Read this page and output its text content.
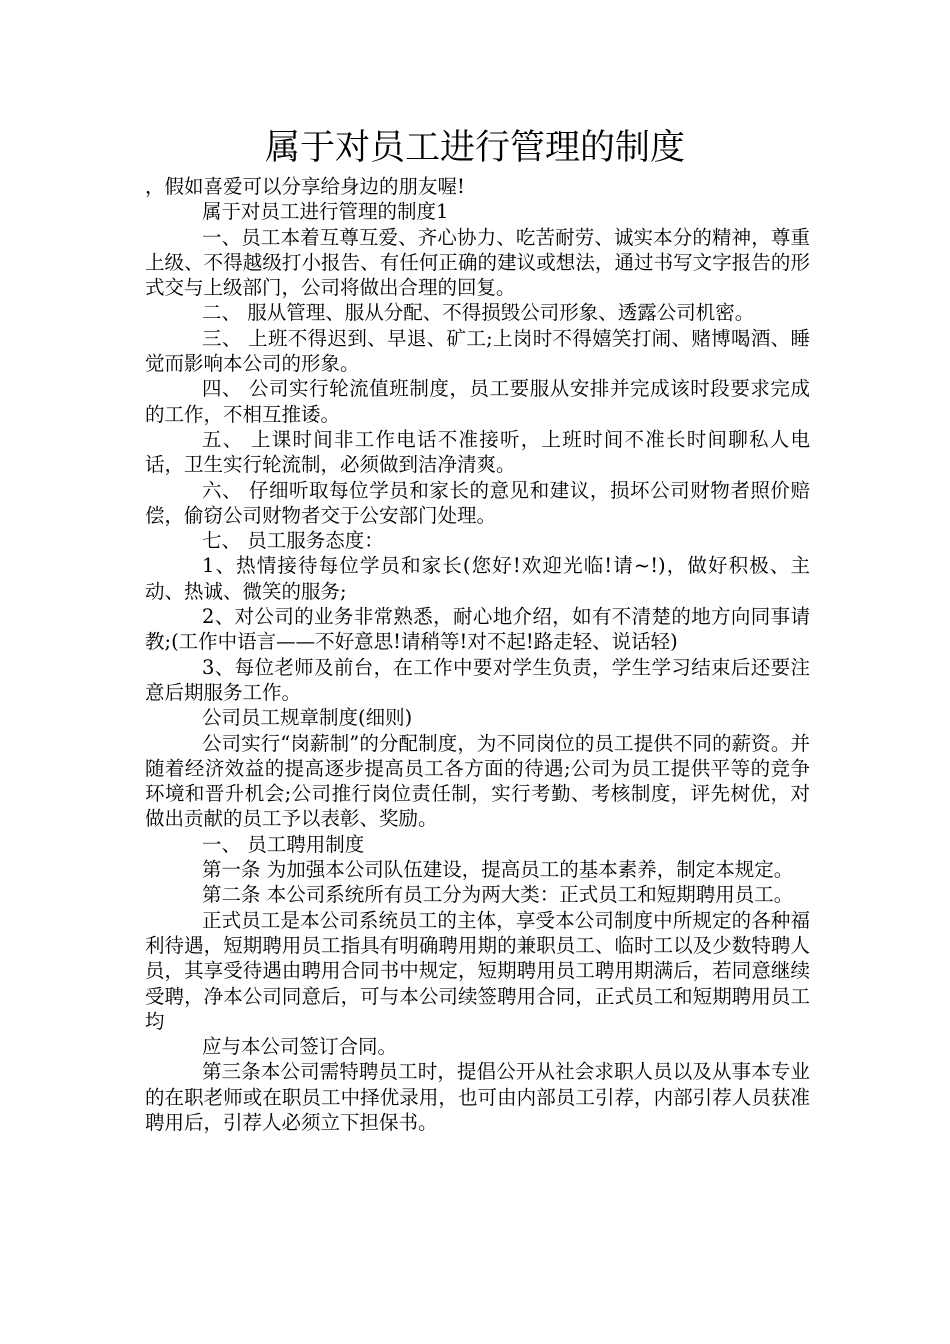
属于对员工进行管理的制度

，假如喜爱可以分享给身边的朋友喔!

属于对员工进行管理的制度1

一、员工本着互尊互爱、齐心协力、吃苦耐劳、诚实本分的精神，尊重上级、不得越级打小报告、有任何正确的建议或想法，通过书写文字报告的形式交与上级部门，公司将做出合理的回复。

二、 服从管理、服从分配、不得损毁公司形象、透露公司机密。

三、 上班不得迟到、早退、矿工;上岗时不得嬉笑打闹、赌博喝酒、睡觉而影响本公司的形象。

四、 公司实行轮流值班制度，员工要服从安排并完成该时段要求完成的工作，不相互推诿。

五、 上课时间非工作电话不准接听，上班时间不准长时间聊私人电话，卫生实行轮流制，必须做到洁净清爽。

六、 仔细听取每位学员和家长的意见和建议，损坏公司财物者照价赔偿，偷窃公司财物者交于公安部门处理。

七、 员工服务态度：

1、热情接待每位学员和家长(您好!欢迎光临!请~!)，做好积极、主动、热诚、微笑的服务;

2、对公司的业务非常熟悉，耐心地介绍，如有不清楚的地方向同事请教;(工作中语言——不好意思!请稍等!对不起!路走轻、说话轻)

3、每位老师及前台，在工作中要对学生负责，学生学习结束后还要注意后期服务工作。

公司员工规章制度(细则)

公司实行“岗薪制”的分配制度，为不同岗位的员工提供不同的薪资。并随着经济效益的提高逐步提高员工各方面的待遇;公司为员工提供平等的竞争环境和晋升机会;公司推行岗位责任制，实行考勤、考核制度，评先树优，对做出贡献的员工予以表彰、奖励。

一、 员工聘用制度

第一条 为加强本公司队伍建设，提高员工的基本素养，制定本规定。

第二条 本公司系统所有员工分为两大类：正式员工和短期聘用员工。

正式员工是本公司系统员工的主体，享受本公司制度中所规定的各种福利待遇，短期聘用员工指具有明确聘用期的兼职员工、临时工以及少数特聘人员，其享受待遇由聘用合同书中规定，短期聘用员工聘用期满后，若同意继续受聘，净本公司同意后，可与本公司续签聘用合同，正式员工和短期聘用员工均

应与本公司签订合同。

第三条本公司需特聘员工时，提倡公开从社会求职人员以及从事本专业的在职老师或在职员工中择优录用，也可由内部员工引荐，内部引荐人员获准聘用后，引荐人必须立下担保书。
